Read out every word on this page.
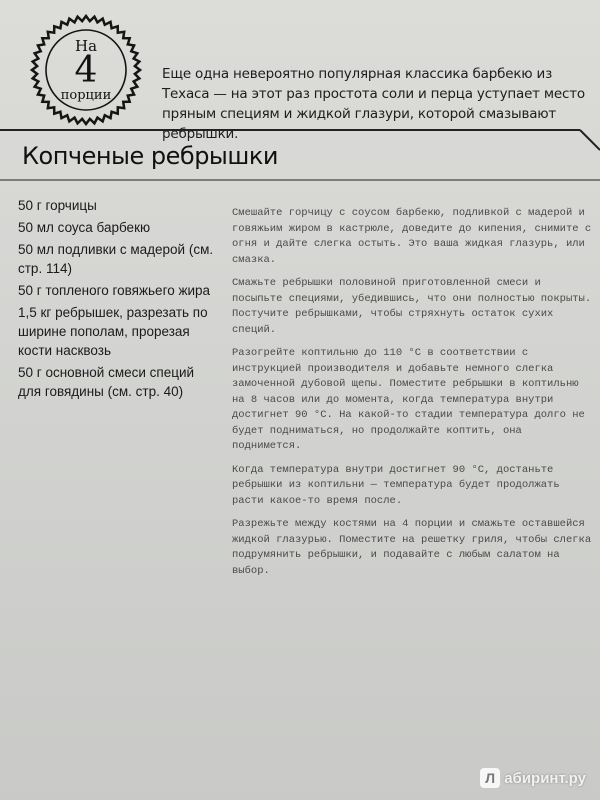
На
4
порции
Еще одна невероятно популярная классика барбекю из Техаса — на этот раз простота соли и перца уступает место пряным специям и жидкой глазури, которой смазывают ребрышки.
Копченые ребрышки
50 г горчицы
50 мл соуса барбекю
50 мл подливки с мадерой (см. стр. 114)
50 г топленого говяжьего жира
1,5 кг ребрышек, разрезать по ширине пополам, прорезая кости насквозь
50 г основной смеси специй для говядины (см. стр. 40)

Смешайте горчицу с соусом барбекю, подливкой с мадерой и говяжьим жиром в кастрюле, доведите до кипения, снимите с огня и дайте слегка остыть. Это ваша жидкая глазурь, или смазка.

Смажьте ребрышки половиной приготовленной смеси и посыпьте специями, убедившись, что они полностью покрыты. Постучите ребрышками, чтобы стряхнуть остаток сухих специй.

Разогрейте коптильню до 110 °С в соответствии с инструкцией производителя и добавьте немного слегка замоченной дубовой щепы. Поместите ребрышки в коптильню на 8 часов или до момента, когда температура внутри достигнет 90 °С. На какой-то стадии температура долго не будет подниматься, но продолжайте коптить, она поднимется.

Когда температура внутри достигнет 90 °С, достаньте ребрышки из коптильни — температура будет продолжать расти какое-то время после.

Разрежьте между костями на 4 порции и смажьте оставшейся жидкой глазурью. Поместите на решетку гриля, чтобы слегка подрумянить ребрышки, и подавайте с любым салатом на выбор.

Л абиринт.ру
